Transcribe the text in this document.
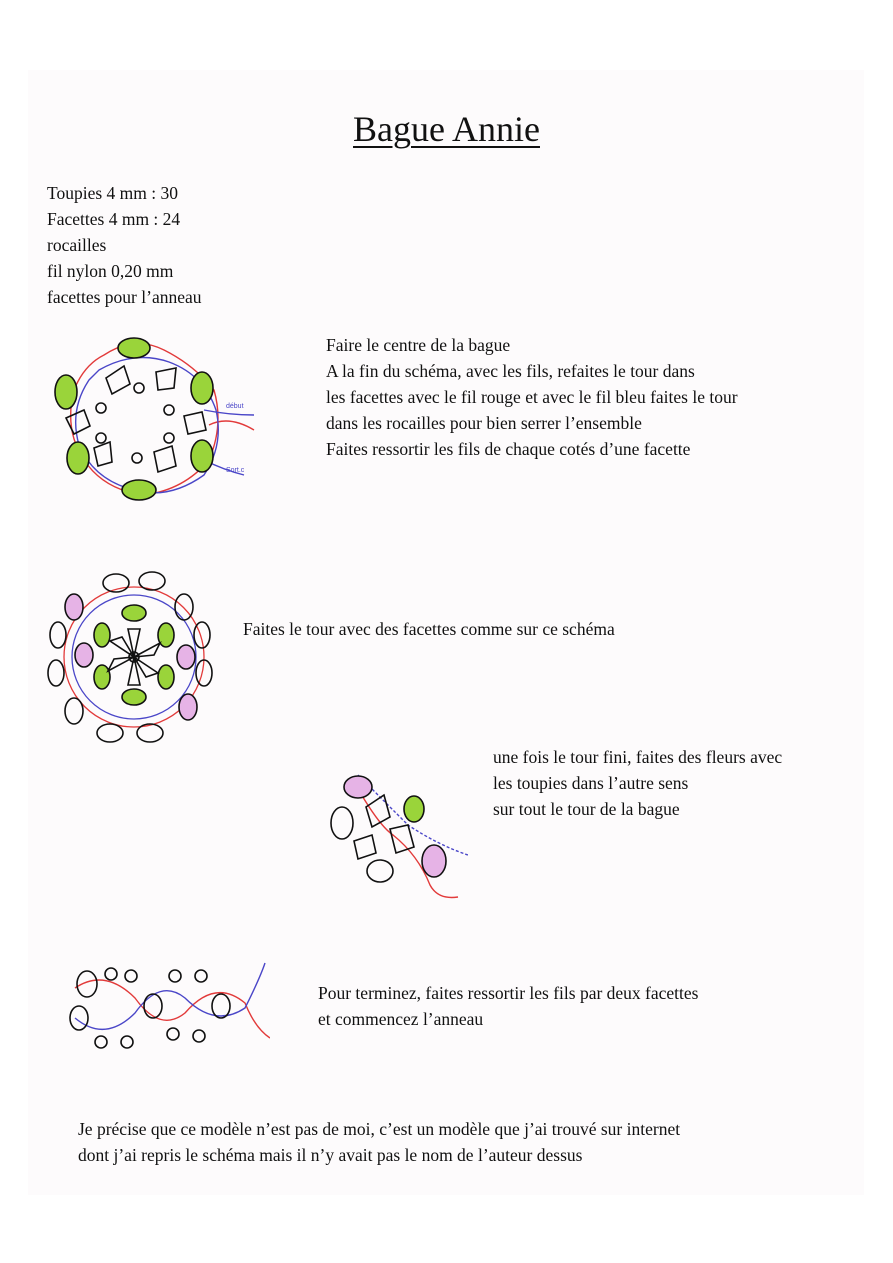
Bague Annie
Toupies 4 mm : 30
Facettes 4 mm : 24
rocailles
fil nylon 0,20 mm
facettes pour l’anneau
début
Sort.c
Faire le centre de la bague
A la fin du schéma, avec les fils, refaites le tour dans
les facettes avec le fil rouge et avec le fil bleu faites le tour
dans les rocailles pour bien serrer l’ensemble
Faites ressortir les fils de chaque cotés d’une facette
Faites le tour avec des facettes comme sur ce schéma
une fois le tour fini, faites des fleurs avec
les toupies dans l’autre sens
sur tout le tour de la bague
Pour terminez, faites ressortir les fils par deux facettes
et commencez l’anneau
Je précise que ce modèle n’est pas de moi, c’est un modèle que j’ai trouvé sur internet
dont j’ai repris le schéma mais il n’y avait pas le nom de l’auteur dessus
